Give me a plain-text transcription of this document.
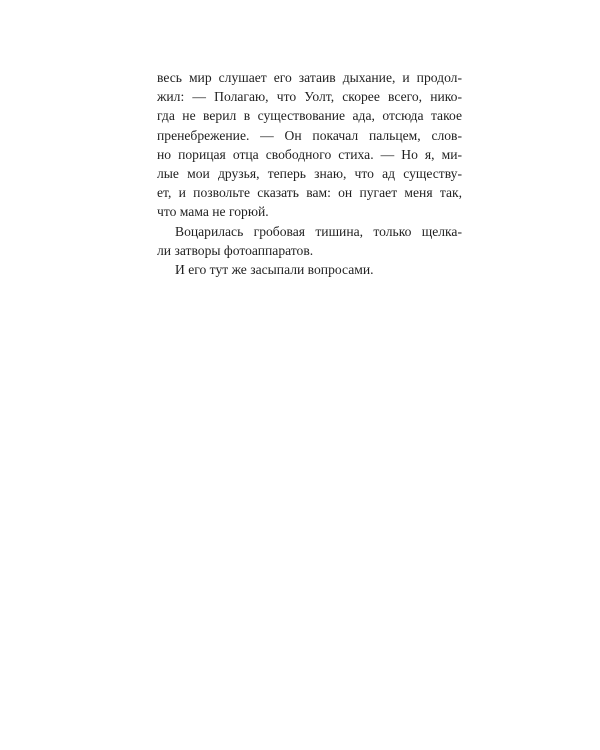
весь мир слушает его затаив дыхание, и продол-
жил: — Полагаю, что Уолт, скорее всего, нико-
гда не верил в существование ада, отсюда такое
пренебрежение. — Он покачал пальцем, слов-
но порицая отца свободного стиха. — Но я, ми-
лые мои друзья, теперь знаю, что ад существу-
ет, и позвольте сказать вам: он пугает меня так,
что мама не горюй.
Воцарилась гробовая тишина, только щелка-
ли затворы фотоаппаратов.
И его тут же засыпали вопросами.
